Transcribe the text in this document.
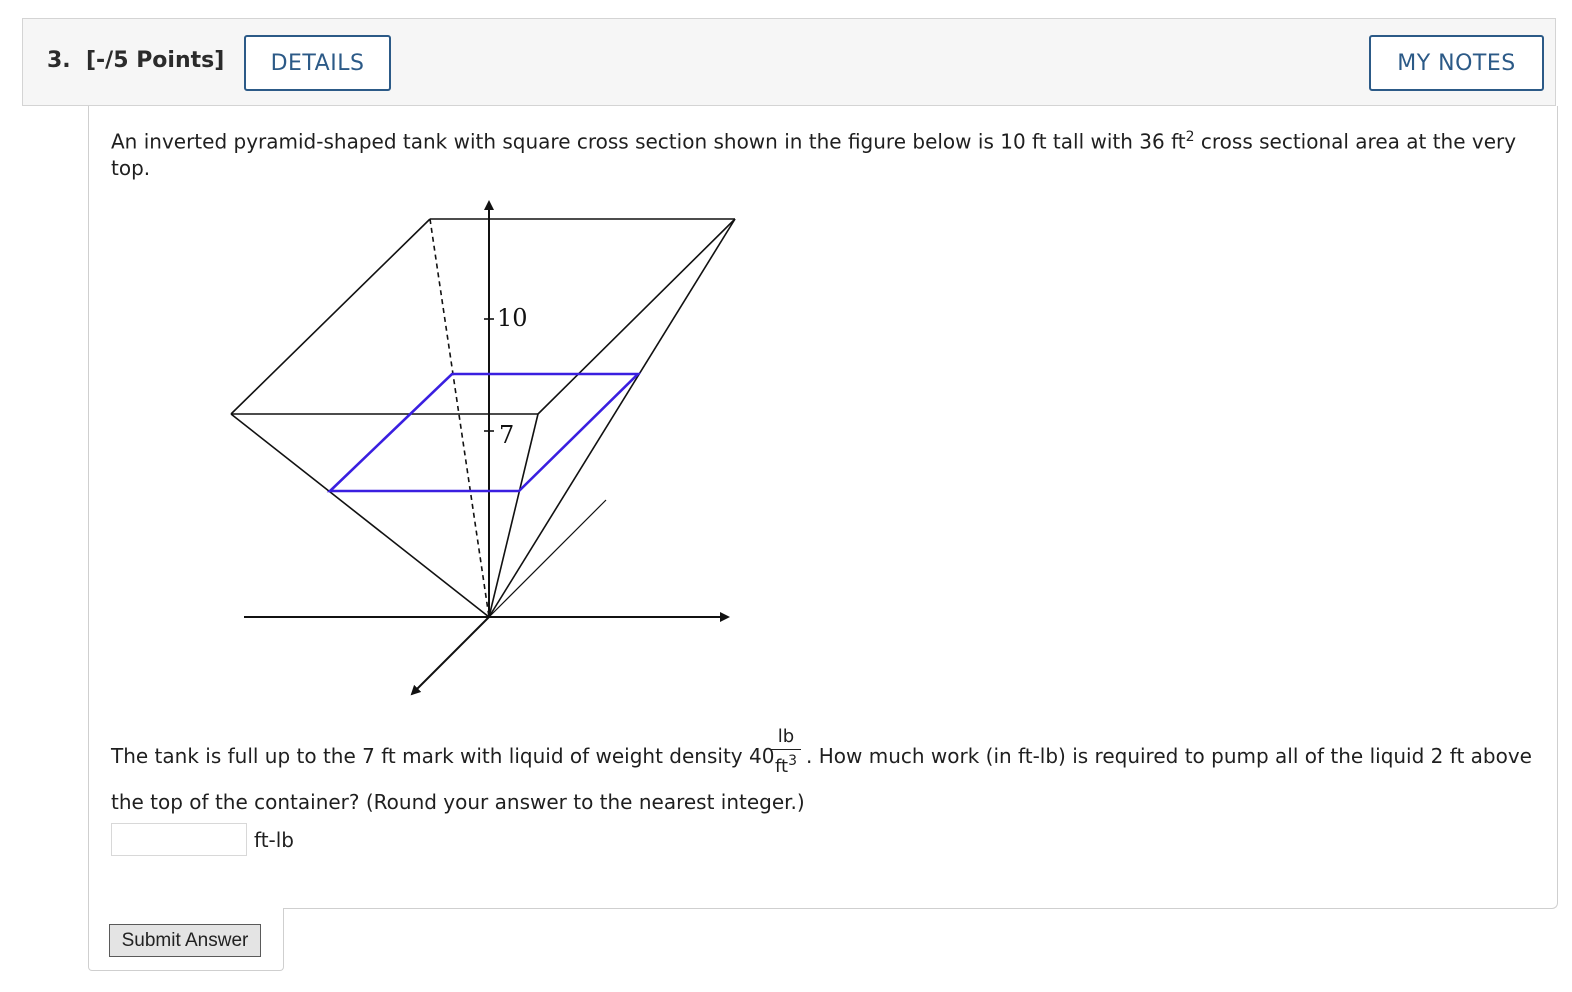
3. [-/5 Points]	DETAILS	MY NOTES
An inverted pyramid-shaped tank with square cross section shown in the figure below is 10 ft tall with 36 $ft^2$ cross sectional area at the very top.
10
7
The tank is full up to the 7 ft mark with liquid of weight density 40
$\frac{lb}{ft^3}$ . How much work (in ft-lb) is required to pump all of the liquid 2 ft above
the top of the container? (Round your answer to the nearest integer.)
ft-lb
Submit Answer
